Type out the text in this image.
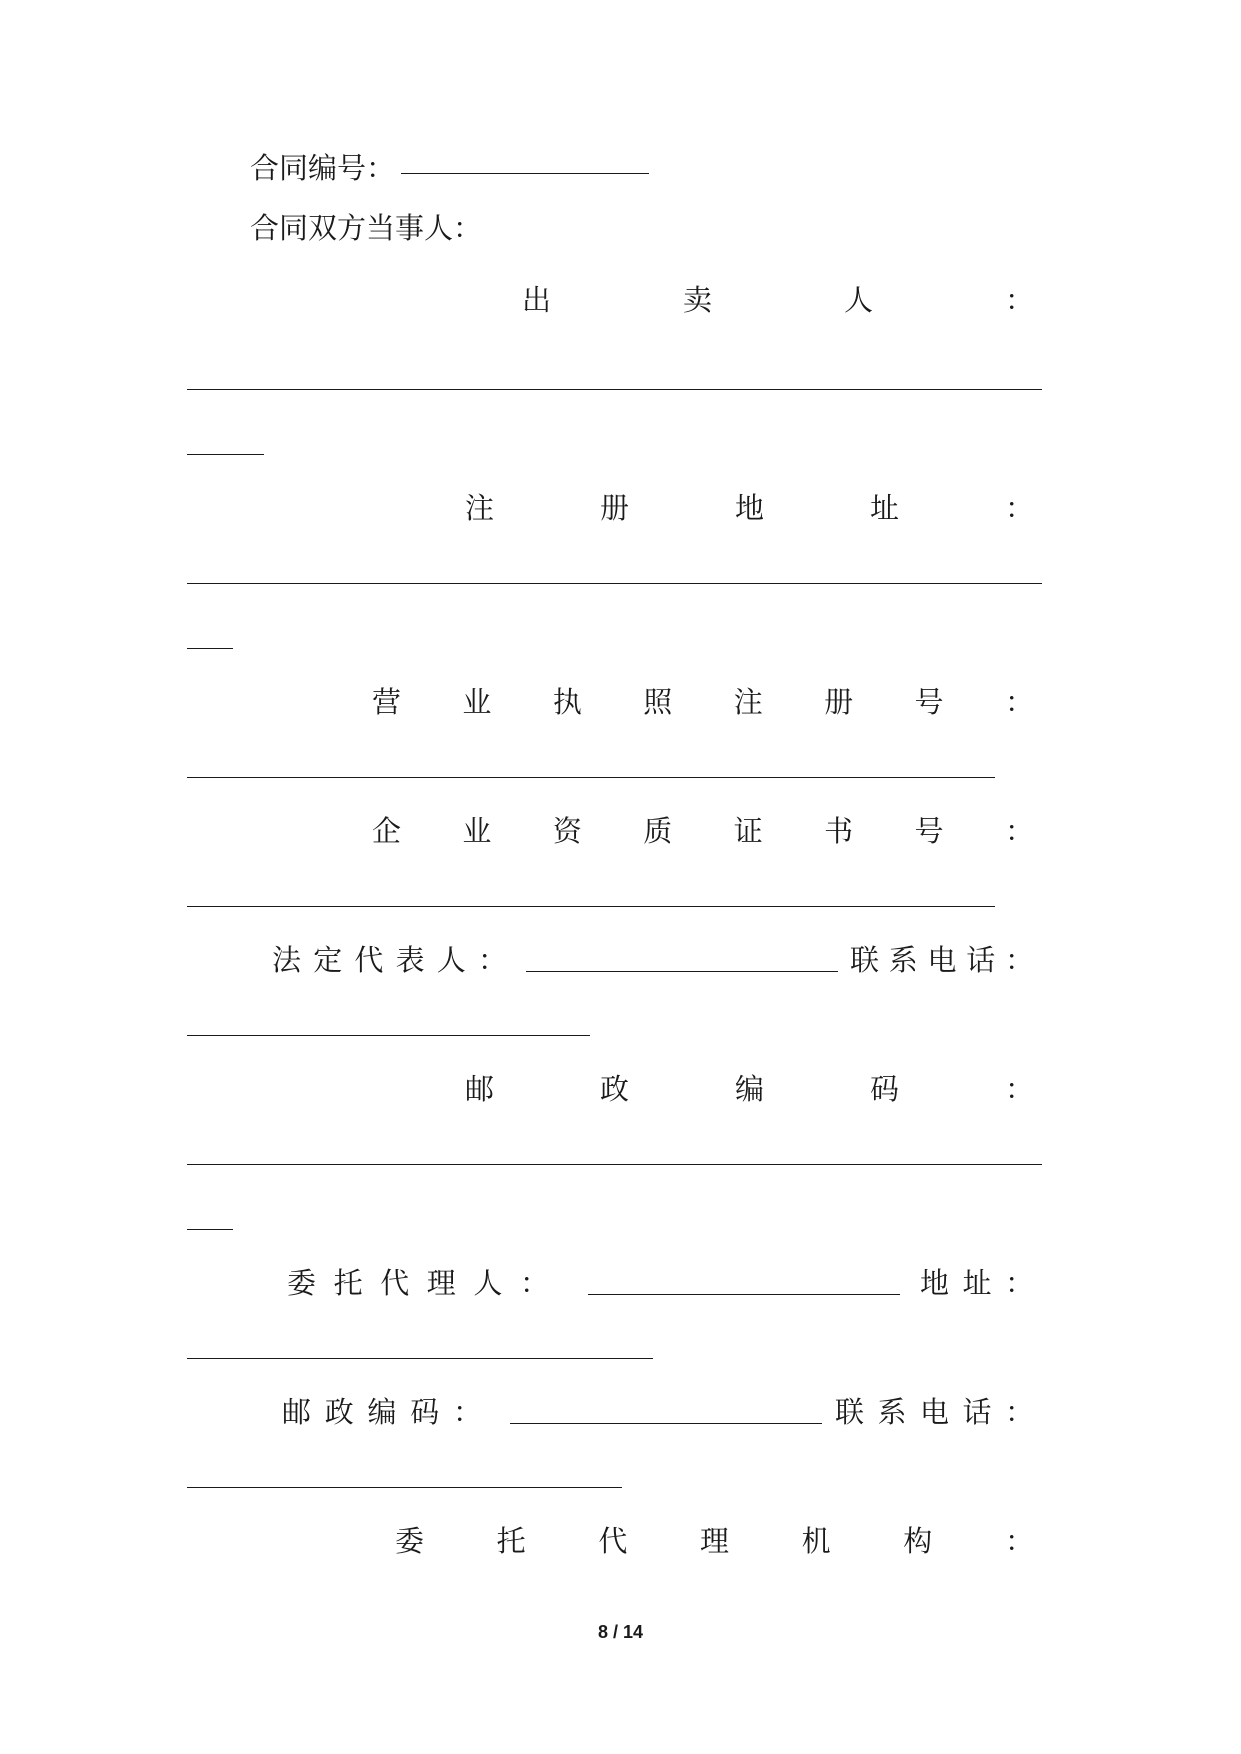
合同编号：
合同双方当事人：
出	卖	人	：
注	册	地	址	：
营 业 执 照 注 册 号 ：
企 业 资 质 证 书 号 ：
法 定 代 表 人 ：	联 系 电 话 ：
邮	政	编	码	：
委 托 代 理 人 ：	地 址 ：
邮 政 编 码 ：	联 系 电 话 ：
委	托	代	理	机	构	：
8 / 14
